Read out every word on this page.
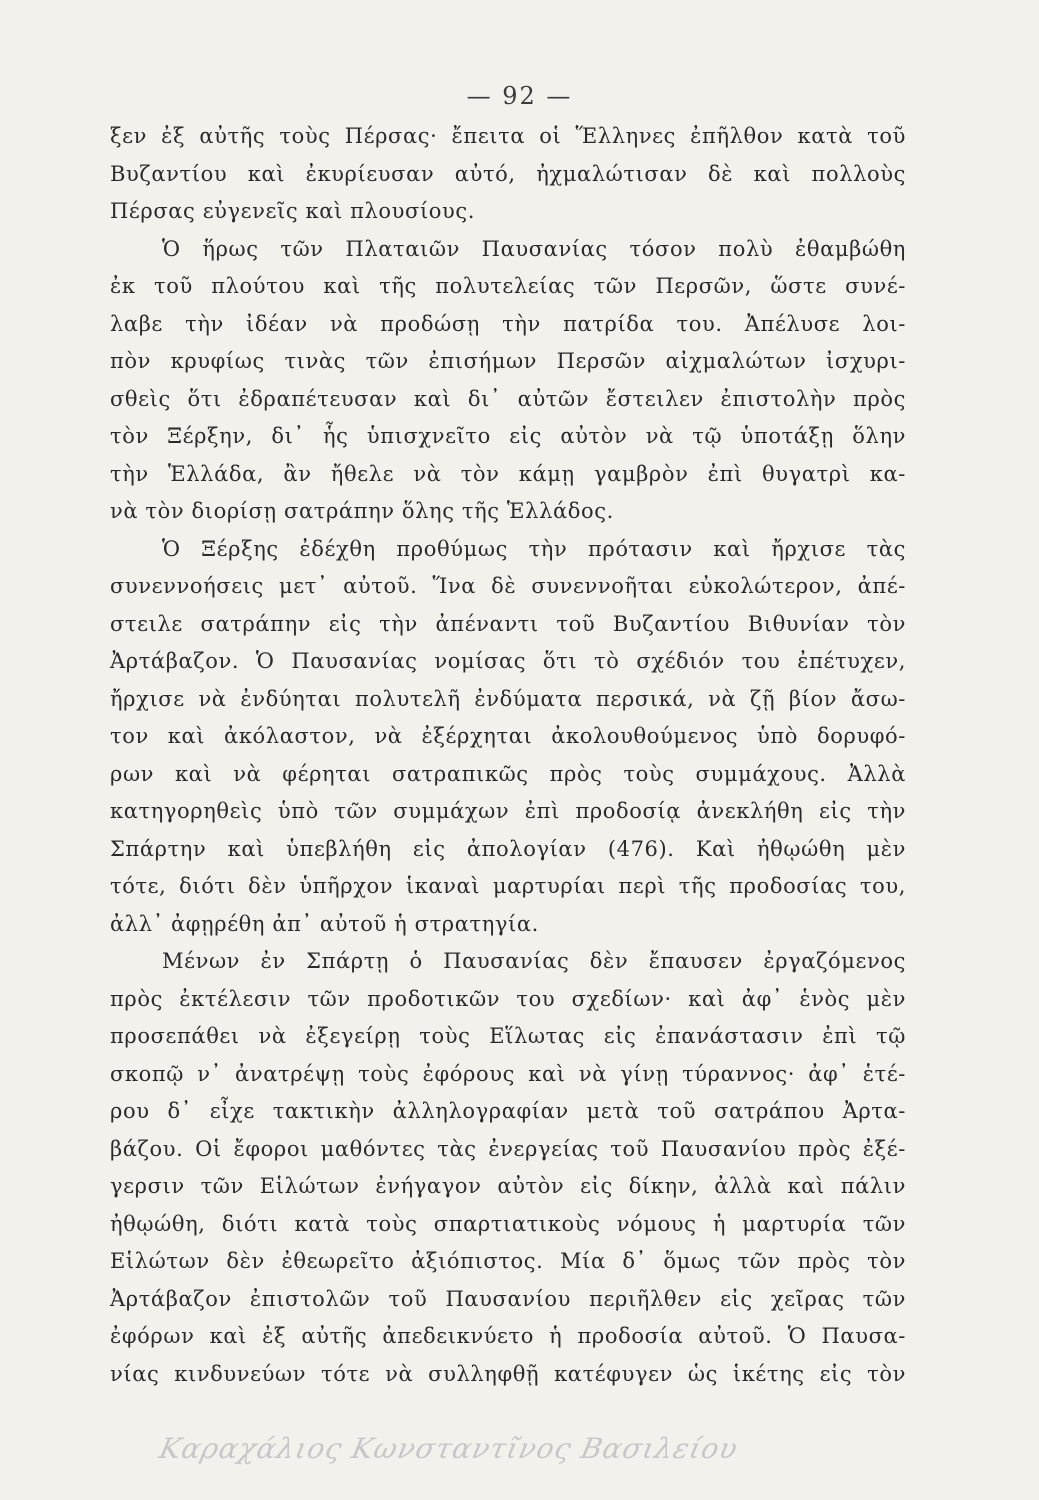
— 92 —
ξεν ἐξ αὐτῆς τοὺς Πέρσας· ἔπειτα οἱ Ἕλληνες ἐπῆλθον κατὰ τοῦ
Βυζαντίου καὶ ἐκυρίευσαν αὐτό, ἠχμαλώτισαν δὲ καὶ πολλοὺς
Πέρσας εὐγενεῖς καὶ πλουσίους.
Ὁ ἥρως τῶν Πλαταιῶν Παυσανίας τόσον πολὺ ἐθαμβώθη
ἐκ τοῦ πλούτου καὶ τῆς πολυτελείας τῶν Περσῶν, ὥστε συνέ-
λαβε τὴν ἰδέαν νὰ προδώσῃ τὴν πατρίδα του. Ἀπέλυσε λοι-
πὸν κρυφίως τινὰς τῶν ἐπισήμων Περσῶν αἰχμαλώτων ἰσχυρι-
σθεὶς ὅτι ἐδραπέτευσαν καὶ δι᾽ αὐτῶν ἔστειλεν ἐπιστολὴν πρὸς
τὸν Ξέρξην, δι᾽ ἧς ὑπισχνεῖτο εἰς αὐτὸν νὰ τῷ ὑποτάξῃ ὅλην
τὴν Ἑλλάδα, ἂν ἤθελε νὰ τὸν κάμῃ γαμβρὸν ἐπὶ θυγατρὶ κα-
νὰ τὸν διορίσῃ σατράπην ὅλης τῆς Ἑλλάδος.
Ὁ Ξέρξης ἐδέχθη προθύμως τὴν πρότασιν καὶ ἤρχισε τὰς
συνεννοήσεις μετ᾽ αὐτοῦ. Ἵνα δὲ συνεννοῆται εὐκολώτερον, ἀπέ-
στειλε σατράπην εἰς τὴν ἀπέναντι τοῦ Βυζαντίου Βιθυνίαν τὸν
Ἀρτάβαζον. Ὁ Παυσανίας νομίσας ὅτι τὸ σχέδιόν του ἐπέτυχεν,
ἤρχισε νὰ ἐνδύηται πολυτελῆ ἐνδύματα περσικά, νὰ ζῇ βίον ἄσω-
τον καὶ ἀκόλαστον, νὰ ἐξέρχηται ἀκολουθούμενος ὑπὸ δορυφό-
ρων καὶ νὰ φέρηται σατραπικῶς πρὸς τοὺς συμμάχους. Ἀλλὰ
κατηγορηθεὶς ὑπὸ τῶν συμμάχων ἐπὶ προδοσίᾳ ἀνεκλήθη εἰς τὴν
Σπάρτην καὶ ὑπεβλήθη εἰς ἀπολογίαν (476). Καὶ ἠθῳώθη μὲν
τότε, διότι δὲν ὑπῆρχον ἱκαναὶ μαρτυρίαι περὶ τῆς προδοσίας του,
ἀλλ᾽ ἀφῃρέθη ἀπ᾽ αὐτοῦ ἡ στρατηγία.
Μένων ἐν Σπάρτῃ ὁ Παυσανίας δὲν ἔπαυσεν ἐργαζόμενος
πρὸς ἐκτέλεσιν τῶν προδοτικῶν του σχεδίων· καὶ ἀφ᾽ ἑνὸς μὲν
προσεπάθει νὰ ἐξεγείρῃ τοὺς Εἵλωτας εἰς ἐπανάστασιν ἐπὶ τῷ
σκοπῷ ν᾽ ἀνατρέψῃ τοὺς ἐφόρους καὶ νὰ γίνῃ τύραννος· ἀφ᾽ ἑτέ-
ρου δ᾽ εἶχε τακτικὴν ἀλληλογραφίαν μετὰ τοῦ σατράπου Ἀρτα-
βάζου. Οἱ ἔφοροι μαθόντες τὰς ἐνεργείας τοῦ Παυσανίου πρὸς ἐξέ-
γερσιν τῶν Εἱλώτων ἐνήγαγον αὐτὸν εἰς δίκην, ἀλλὰ καὶ πάλιν
ἠθῳώθη, διότι κατὰ τοὺς σπαρτιατικοὺς νόμους ἡ μαρτυρία τῶν
Εἱλώτων δὲν ἐθεωρεῖτο ἀξιόπιστος. Μία δ᾽ ὅμως τῶν πρὸς τὸν
Ἀρτάβαζον ἐπιστολῶν τοῦ Παυσανίου περιῆλθεν εἰς χεῖρας τῶν
ἐφόρων καὶ ἐξ αὐτῆς ἀπεδεικνύετο ἡ προδοσία αὐτοῦ. Ὁ Παυσα-
νίας κινδυνεύων τότε νὰ συλληφθῇ κατέφυγεν ὡς ἱκέτης εἰς τὸν
Καραχάλιος Κωνσταντῖνος Βασιλείου
